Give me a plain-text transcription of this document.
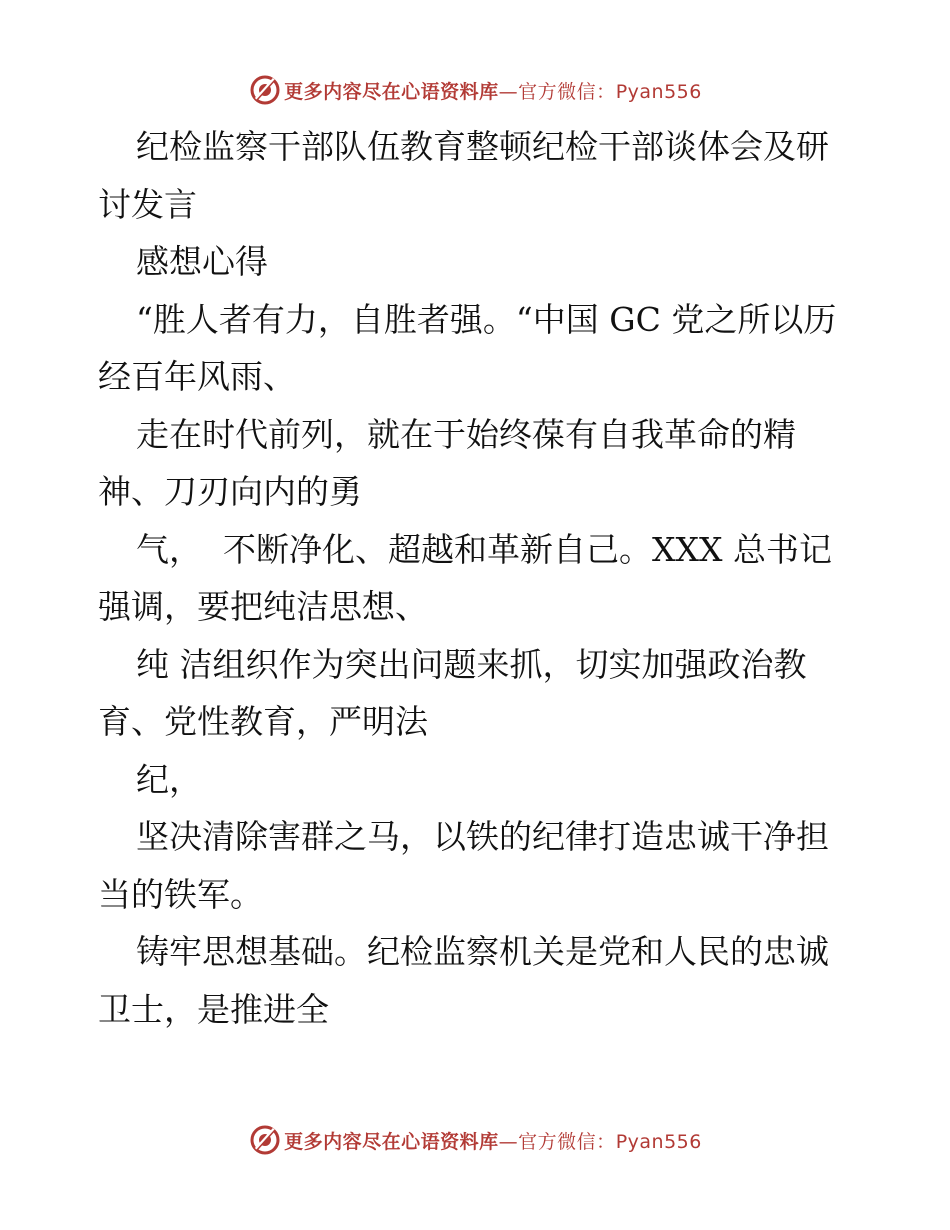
更多内容尽在心语资料库—官方微信：Pyan556

纪检监察干部队伍教育整顿纪检干部谈体会及研讨发言

感想心得

“胜人者有力，自胜者强。“中国 GC 党之所以历经百年风雨、

走在时代前列，就在于始终葆有自我革命的精神、刀刃向内的勇

气，  不断净化、超越和革新自己。XXX 总书记强调，要把纯洁思想、

纯 洁组织作为突出问题来抓，切实加强政治教育、党性教育，严明法

纪，

坚决清除害群之马，以铁的纪律打造忠诚干净担当的铁军。

铸牢思想基础。纪检监察机关是党和人民的忠诚卫士，是推进全

更多内容尽在心语资料库—官方微信：Pyan556
